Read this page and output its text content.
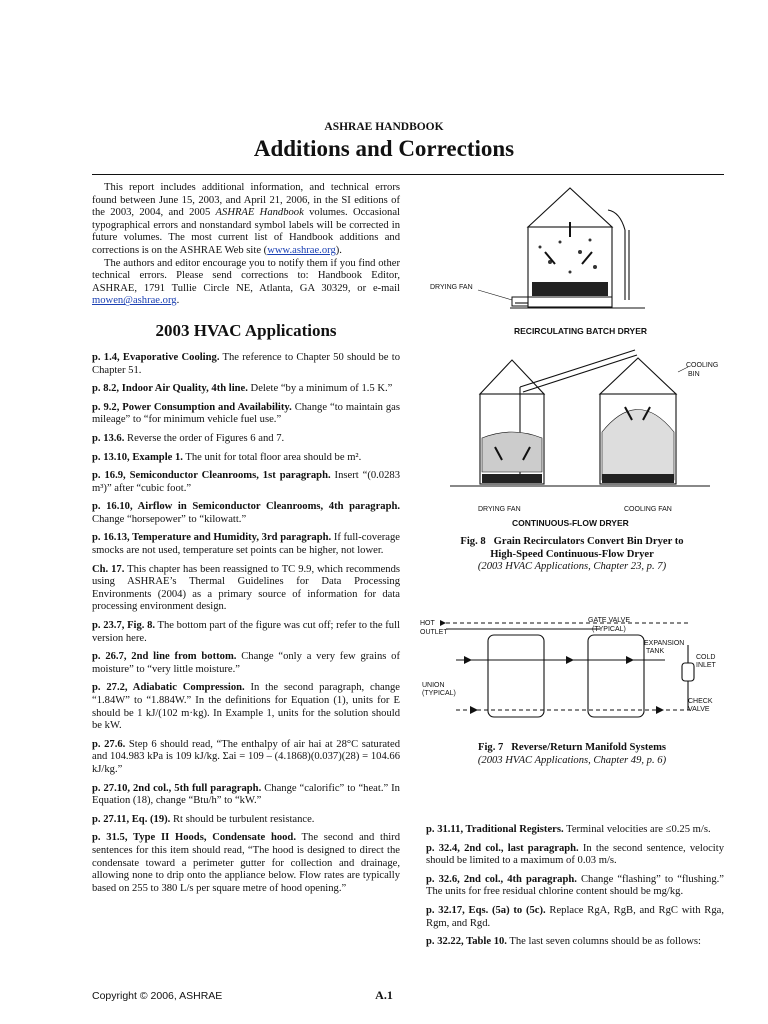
ASHRAE HANDBOOK
Additions and Corrections

This report includes additional information, and technical errors found between June 15, 2003, and April 21, 2006, in the SI editions of the 2003, 2004, and 2005 ASHRAE Handbook volumes. Occasional typographical errors and nonstandard symbol labels will be corrected in future volumes. The most current list of Handbook additions and corrections is on the ASHRAE Web site (www.ashrae.org).

The authors and editor encourage you to notify them if you find other technical errors. Please send corrections to: Handbook Editor, ASHRAE, 1791 Tullie Circle NE, Atlanta, GA 30329, or e-mail mowen@ashrae.org.

2003 HVAC Applications

p. 1.4, Evaporative Cooling. The reference to Chapter 50 should be to Chapter 51.

p. 8.2, Indoor Air Quality, 4th line. Delete “by a minimum of 1.5 K.”

p. 9.2, Power Consumption and Availability. Change “to maintain gas mileage” to “for minimum vehicle fuel use.”

p. 13.6. Reverse the order of Figures 6 and 7.

p. 13.10, Example 1. The unit for total floor area should be m².

p. 16.9, Semiconductor Cleanrooms, 1st paragraph. Insert “(0.0283 m³)” after “cubic foot.”

p. 16.10, Airflow in Semiconductor Cleanrooms, 4th paragraph. Change “horsepower” to “kilowatt.”

p. 16.13, Temperature and Humidity, 3rd paragraph. If full-coverage smocks are not used, temperature set points can be higher, not lower.

Ch. 17. This chapter has been reassigned to TC 9.9, which recommends using ASHRAE’s Thermal Guidelines for Data Processing Environments (2004) as a primary source of information for data processing environment design.

p. 23.7, Fig. 8. The bottom part of the figure was cut off; refer to the full version here.

p. 26.7, 2nd line from bottom. Change “only a very few grains of moisture” to “very little moisture.”

p. 27.2, Adiabatic Compression. In the second paragraph, change “1.84W” to “1.884W.” In the definitions for Equation (1), units for E should be 1 kJ/(102 m·kg). In Example 1, units for the solution should be kW.

p. 27.6. Step 6 should read, “The enthalpy of air hai at 28°C saturated and 104.983 kPa is 109 kJ/kg. Σai = 109 – (4.1868)(0.037)(28) = 104.66 kJ/kg.”

p. 27.10, 2nd col., 5th full paragraph. Change “calorific” to “heat.” In Equation (18), change “Btu/h” to “kW.”

p. 27.11, Eq. (19). Rt should be turbulent resistance.

p. 31.5, Type II Hoods, Condensate hood. The second and third sentences for this item should read, “The hood is designed to direct the condensate toward a perimeter gutter for collection and drainage, allowing none to drip onto the appliance below. Flow rates are typically based on 255 to 380 L/s per square metre of hood opening.”

DRYING FAN
RECIRCULATING BATCH DRYER
COOLING
BIN
DRYING FAN	COOLING FAN
CONTINUOUS-FLOW DRYER
Fig. 8 Grain Recirculators Convert Bin Dryer to
High-Speed Continuous-Flow Dryer
(2003 HVAC Applications, Chapter 23, p. 7)
HOT
OUTLET
GATE VALVE
(TYPICAL)
EXPANSION
TANK
COLD
INLET
UNION
(TYPICAL)
CHECK
VALVE
Fig. 7 Reverse/Return Manifold Systems
(2003 HVAC Applications, Chapter 49, p. 6)

p. 31.11, Traditional Registers. Terminal velocities are ≤0.25 m/s.

p. 32.4, 2nd col., last paragraph. In the second sentence, velocity should be limited to a maximum of 0.03 m/s.

p. 32.6, 2nd col., 4th paragraph. Change “flashing” to “flushing.” The units for free residual chlorine content should be mg/kg.

p. 32.17, Eqs. (5a) to (5c). Replace RgA, RgB, and RgC with Rga, Rgm, and Rgd.

p. 32.22, Table 10. The last seven columns should be as follows:

Copyright © 2006, ASHRAE	A.1
